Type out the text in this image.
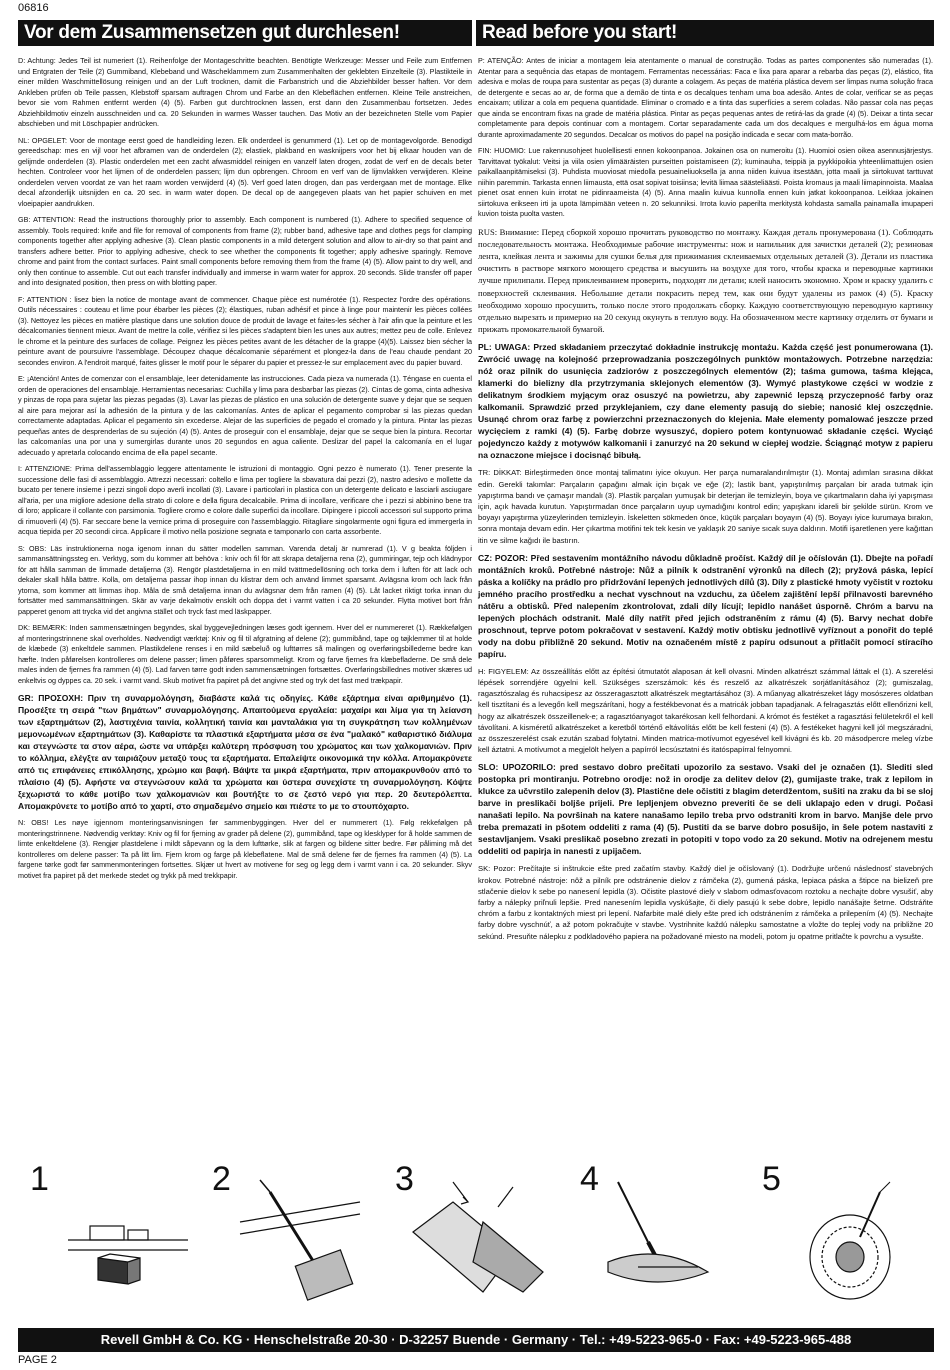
06816
Vor dem Zusammensetzen gut durchlesen!	Read before you start!

D: Achtung: Jedes Teil ist numeriert (1). Reihenfolge der Montageschritte beachten. Benötigte Werkzeuge: Messer und Feile zum Entfernen und Entgraten der Teile (2) Gummiband, Klebeband und Wäscheklammern zum Zusammenhalten der geklebten Einzelteile (3). Plastikteile in einer milden Waschmittellösung reinigen und an der Luft trocknen, damit die Farbanstrich und die Abziehbilder besser haften. Vor dem Ankleben prüfen ob Teile passen, Klebstoff sparsam auftragen Chrom und Farbe an den Klebeflächen entfernen. Kleine Teile anstreichen, bevor sie vom Rahmen entfernt werden (4) (5). Farben gut durchtrocknen lassen, erst dann den Zusammenbau fortsetzen. Jedes Abziehbildmotiv einzeln ausschneiden und ca. 20 Sekunden in warmes Wasser tauchen. Das Motiv an der bezeichneten Stelle vom Papier abschieben und mit Löschpapier andrücken.

NL: OPGELET: Voor de montage eerst goed de handleiding lezen. Elk onderdeel is genummerd (1). Let op de montagevolgorde. Benodigd gereedschap: mes en vijl voor het afbramen van de onderdelen (2); elastiek, plakband en wasknijpers voor het bij elkaar houden van de gelijmde onderdelen (3). Plastic onderdelen met een zacht afwasmiddel reinigen en vanzelf laten drogen, zodat de verf en de decals beter hechten. Controleer voor het lijmen of de onderdelen passen; lijm dun opbrengen. Chroom en verf van de lijmvlakken verwijderen. Kleine onderdelen verven voordat ze van het raam worden verwijderd (4) (5). Verf goed laten drogen, dan pas verdergaan met de montage. Elke decal afzonderlijk uitsnijden en ca. 20 sec. in warm water dopen. De decal op de aangegeven plaats van het papier schuiven en met vloeipapier aandrukken.

GB: ATTENTION: Read the instructions thoroughly prior to assembly. Each component is numbered (1). Adhere to specified sequence of assembly. Tools required: knife and file for removal of components from frame (2); rubber band, adhesive tape and clothes pegs for clamping components together after applying adhesive (3). Clean plastic components in a mild detergent solution and allow to air-dry so that paint and transfers adhere better. Prior to applying adhesive, check to see whether the components fit together; apply adhesive sparingly. Remove chrome and paint from the contact surfaces. Paint small components before removing them from the frame (4) (5). Allow paint to dry well, and only then continue to assemble. Cut out each transfer individually and immerse in warm water for approx. 20 seconds. Slide transfer off paper and into designated position, then press on with blotting paper.

F: ATTENTION : lisez bien la notice de montage avant de commencer. Chaque pièce est numérotée (1). Respectez l'ordre des opérations. Outils nécessaires : couteau et lime pour ébarber les pièces (2); élastiques, ruban adhésif et pince à linge pour maintenir les pièces collées (3). Nettoyez les pièces en matière plastique dans une solution douce de produit de lavage et faites-les sécher à l'air afin que la peinture et les décalcomanies tiennent mieux. Avant de mettre la colle, vérifiez si les pièces s'adaptent bien les unes aux autres; mettez peu de colle. Enlevez le chrome et la peinture des surfaces de collage. Peignez les pièces petites avant de les détacher de la grappe (4)(5). Laissez bien sécher la peinture avant de poursuivre l'assemblage. Découpez chaque décalcomanie séparément et plongez-la dans de l'eau chaude pendant 20 secondes environ. A l'endroit marqué, faites glisser le motif pour le séparer du papier et pressez-le sur emplacement avec du papier buvard.

E: ¡Atención! Antes de comenzar con el ensamblaje, leer detenidamente las instrucciones. Cada pieza va numerada (1). Téngase en cuenta el orden de operaciones del ensamblaje. Herramientas necesarias: Cuchilla y lima para desbarbar las piezas (2). Cintas de goma, cinta adhesiva y pinzas de ropa para sujetar las piezas pegadas (3). Lavar las piezas de plástico en una solución de detergente suave y dejar que se sequen al aire para mejorar así la adhesión de la pintura y de las calcomanías. Antes de aplicar el pegamento comprobar si las piezas quedan correctamente adaptadas. Aplicar el pegamento sin excederse. Alejar de las superficies de pegado el cromado y la pintura. Pintar las piezas pequeñas antes de desprenderlas de su sujeción (4) (5). Antes de proseguir con el ensamblaje, dejar que se seque bien la pintura. Recortar las calcomanías una por una y sumergirlas durante unos 20 segundos en agua caliente. Deslizar del papel la calcomanía en el lugar adecuado y apretarla colocando encima de ella papel secante.

I: ATTENZIONE: Prima dell'assemblaggio leggere attentamente le istruzioni di montaggio. Ogni pezzo è numerato (1). Tener presente la successione delle fasi di assemblaggio. Attrezzi necessari: coltello e lima per togliere la sbavatura dai pezzi (2), nastro adesivo e mollette da bucato per tenere insieme i pezzi singoli dopo averli incollati (3). Lavare i particolari in plastica con un detergente delicato e lasciarli asciugare all'aria, per una migliore adesione della strato di colore e della figura decalcabile. Prima di incollare, verificare che i pezzi si abbinino bene tra di loro; applicare il collante con parsimonia. Togliere cromo e colore dalle superfici da incollare. Dipingere i piccoli accessori sul supporto prima di rimuoverli (4) (5). Far seccare bene la vernice prima di proseguire con l'assemblaggio. Ritagliare singolarmente ogni figura ed immergerla in acqua tiepida per 20 secondi circa. Applicare il motivo nella posizione segnata e tamponarlo con carta assorbente.

S: OBS: Läs instruktionerna noga igenom innan du sätter modellen samman. Varenda detalj är numrerad (1). V g beakta följden i sammansättningssteg en. Verktyg, som du kommer att behöva : kniv och fil för att skrapa detaljerna rena (2), gummiringar, tejp och klädnypor för att hålla samman de limmade detaljerna (3). Rengör plastdetaljerna in en mild tvättmedellösning och torka dem i luften för att lack och dekaler skall hålla bättre. Kolla, om detaljerna passar ihop innan du klistrar dem och använd limmet sparsamt. Avlägsna krom och lack från ytorna, som kommer att limmas ihop. Måla de små detaljerna innan du avlägsnar dem från ramen (4) (5). Låt lacket riktigt torka innan du fortsätter med sammansättningen. Skär av varje dekalmotiv enskilt och doppa det i varmt vatten i ca 20 sekunder. Flytta motivet bort från papperet genom att trycka vid det angivna stället och tryck fast med läskpapper.

DK: BEMÆRK: Inden sammensætningen begyndes, skal byggevejledningen læses godt igennem. Hver del er nummereret (1). Rækkefølgen af monteringstrinnene skal overholdes. Nødvendigt værktøj: Kniv og fil til afgratning af delene (2); gummibånd, tape og tøjklemmer til at holde de klæbede (3) enkeltdele sammen. Plastikdelene renses i en mild sæbeluð og lufttørres så malingen og overføringsbillederne bedre kan hæfte. Inden påførelsen kontrolleres om delene passer; limen påføres sparsommeligt. Krom og farve fjernes fra klæbefladerne. De små dele males inden de fjernes fra rammen (4) (5). Lad farven tørre godt inden sammensætningen fortsættes. Overføringsbillednes motiver skæres ud enkeltvis og dyppes ca. 20 sek. i varmt vand. Skub motivet fra papiret på det angivne sted og tryk det fast med trækpapir.

GR: ΠΡΟΣΟΧΗ: Πριν τη συναρμολόγηση, διαβάστε καλά τις οδηγίες. Κάθε εξάρτημα είναι αριθμημένο (1). Προσέξτε τη σειρά "των βημάτων" συναρμολόγησης. Απαιτούμενα εργαλεία: μαχαίρι και λίμα για τη λείανση των εξαρτημάτων (2), λαστιχένια ταινία, κολλητική ταινία και μανταλάκια για τη συγκράτηση των κολλημένων μεμονωμένων εξαρτημάτων (3). Καθαρίστε τα πλαστικά εξαρτήματα μέσα σε ένα "μαλακό" καθαριστικό διάλυμα και στεγνώστε τα στον αέρα, ώστε να υπάρξει καλύτερη πρόσφυση του χρώματος και των χαλκομανιών. Πριν το κόλλημα, ελέγξτε αν ταιριάζουν μεταξύ τους τα εξαρτήματα. Επαλείψτε οικονομικά την κόλλα. Απομακρύνετε από τις επιφάνειες επικόλλησης, χρώμιο και βαφή. Βάψτε τα μικρά εξαρτήματα, πριν απομακρυνθούν από το πλαίσιο (4) (5). Αφήστε να στεγνώσουν καλά τα χρώματα και ύστερα συνεχίστε τη συναρμολόγηση. Κόψτε ξεχωριστά το κάθε μοτίβο των χαλκομανιών και βουτήξτε το σε ζεστό νερό για περ. 20 δευτερόλεπτα. Απομακρύνετε το μοτίβο από το χαρτί, στο σημαδεμένο σημείο και πιέστε το με το στουπόχαρτο.

N: OBS! Les nøye igjennom monteringsanvisningen før sammenbyggingen. Hver del er nummerert (1). Følg rekkefølgen på monteringstrinnene. Nødvendig verktøy: Kniv og fil for fjerning av grader på delene (2), gummibånd, tape og klesklyper for å holde sammen de limte enkeltdelene (3). Rengjør plastdelene i mildt såpevann og la dem lufttørke, slik at fargen og bildene sitter bedre. Før påliming må det kontrolleres om delene passer: Ta på litt lim. Fjern krom og farge på klebeflatene. Mal de små delene før de fjernes fra rammen (4) (5). La fargene tørke godt før sammenmonteringen fortsettes. Skjær ut hvert av motivene for seg og legg dem i varmt vann i ca. 20 sekunder. Skyv motivet fra papiret på det merkede stedet og trykk på med trekkpapir.

P: ATENÇÃO: Antes de iniciar a montagem leia atentamente o manual de construção. Todas as partes componentes são numeradas (1). Atentar para a sequência das etapas de montagem. Ferramentas necessárias: Faca e lixa para aparar a rebarba das peças (2), elástico, fita adesiva e molas de roupa para sustentar as peças (3) durante a colagem. As peças de matéria plástica devem ser limpas numa solução fraca de detergente e secas ao ar, de forma que a demão de tinta e os decalques tenham uma boa adesão. Antes de colar, verificar se as peças encaixam; utilizar a cola em pequena quantidade. Eliminar o cromado e a tinta das superfícies a serem coladas. Não passar cola nas peças que ainda se encontram fixas na grade de matéria plástica. Pintar as peças pequenas antes de retirá-las da grade (4) (5). Deixar a tinta secar completamente para depois continuar com a montagem. Cortar separadamente cada um dos decalques e mergulhá-los em água morna durante aproximadamente 20 segundos. Decalcar os motivos do papel na posição indicada e secar com mata-borrão.

FIN: HUOMIO: Lue rakennusohjeet huolellisesti ennen kokoonpanoa. Jokainen osa on numeroitu (1). Huomioi osien oikea asennusjärjestys. Tarvittavat työkalut: Veitsi ja viila osien ylimääräisten purseitten poistamiseen (2); kuminauha, teippiä ja pyykkipoikia yhteenliimattujen osien paikallaanpitämiseksi (3). Puhdista muoviosat miedolla pesuaineliuoksella ja anna niiden kuivua itsestään, jotta maali ja siirtokuvat tarttuvat niihin paremmin. Tarkasta ennen liimausta, että osat sopivat toisiinsa; levitä liimaa säästeliäästi. Poista kromaus ja maali liimapinnoista. Maalaa pienet osat ennen kuin irrotat ne pidinraameista (4) (5). Anna maalin kuivua kunnolla ennen kuin jatkat kokoonpanoa. Leikkaa jokainen siirtokuva erikseen irti ja upota lämpimään veteen n. 20 sekunniksi. Irrota kuvio paperilta merkitystä kohdasta samalla painamalla imupaperi kuvion toista puolta vasten.

RUS: Внимание: Перед сборкой хорошо прочитать руководство по монтажу. Каждая деталь пронумерована (1). Соблюдать последовательность монтажа. Необходимые рабочие инструменты: нож и напильник для зачистки деталей (2); резиновая лента, клейкая лента и зажимы для сушки белья для прижимания склеиваемых отдельных деталей (3). Детали из пластика очистить в растворе мягкого моющего средства и высушить на воздухе для того, чтобы краска и переводные картинки лучше прилипали. Перед приклеиванием проверить, подходят ли детали; клей наносить экономно. Хром и краску удалить с поверхностей склеивания. Небольшие детали покрасить перед тем, как они будут удалены из рамок (4) (5). Краску необходимо хорошо просушить, только после этого продолжать сборку. Каждую соответствующую переводную картинку отдельно вырезать и примерно на 20 секунд окунуть в теплую воду. На обозначенном месте картинку отделить от бумаги и прижать промокательной бумагой.

PL: UWAGA: Przed składaniem przeczytać dokładnie instrukcję montażu. Każda część jest ponumerowana (1). Zwrócić uwagę na kolejność przeprowadzania poszczególnych punktów montażowych. Potrzebne narzędzia: nóż oraz pilnik do usunięcia zadziorów z poszczególnych elementów (2); taśma gumowa, taśma klejąca, klamerki do bielizny dla przytrzymania sklejonych elementów (3). Wymyć plastykowe części w wodzie z delikatnym środkiem myjącym oraz osuszyć na powietrzu, aby zapewnić lepszą przyczepność farby oraz kalkomanii. Sprawdzić przed przyklejaniem, czy dane elementy pasują do siebie; nanosić klej oszczędnie. Usunąć chrom oraz farbę z powierzchni przeznaczonych do klejenia. Małe elementy pomalować jeszcze przed wycięciem z ramki (4) (5). Farbę dobrze wysuszyć, dopiero potem kontynuować składanie części. Wyciąć pojedynczo każdy z motywów kalkomanii i zanurzyć na 20 sekund w ciepłej wodzie. Ściągnąć motyw z papieru na oznaczone miejsce i docisnąć bibułą.

TR: DİKKAT: Birleştirmeden önce montaj talimatını iyice okuyun. Her parça numaralandırılmıştır (1). Montaj adımları sırasına dikkat edin. Gerekli takımlar: Parçaların çapağını almak için bıçak ve eğe (2); lastik bant, yapıştırılmış parçaları bir arada tutmak için yapıştırma bandı ve çamaşır mandalı (3). Plastik parçaları yumuşak bir deterjan ile temizleyin, boya ve çıkartmaların daha iyi yapışması için, açık havada kurutun. Yapıştırmadan önce parçaların uyup uymadığını kontrol edin; yapışkanı idareli bir şekilde sürün. Krom ve boyayı yapıştırma yüzeylerinden temizleyin. İskeletten sökmeden önce, küçük parçaları boyayın (4) (5). Boyayı iyice kurumaya bırakın, sonra montaja devam edin. Her çıkartma motifini tek tek kesin ve yaklaşık 20 saniye sıcak suya daldırın. Motifi işaretlenen yere kağıttan itin ve silme kağıdı ile bastırın.

CZ: POZOR: Před sestavením montážního návodu důkladně pročíst. Každý díl je očíslován (1). Dbejte na pořadí montážních kroků. Potřebné nástroje: Nůž a pilník k odstranění výronků na dílech (2); pryžová páska, lepící páska a kolíčky na prádlo pro přidržování lepených jednotlivých dílů (3). Díly z plastické hmoty vyčistit v roztoku jemného pracího prostředku a nechat vyschnout na vzduchu, za účelem zajištění lepší přilnavosti barevného nátěru a obtisků. Před nalepením zkontrolovat, zdali díly lícují; lepidlo nanášet úsporně. Chróm a barvu na lepených plochách odstranit. Malé díly natřít před jejich odstraněním z rámu (4) (5). Barvy nechat dobře proschnout, teprve potom pokračovat v sestavení. Každý motiv obtisku jednotlivě vyříznout a ponořit do teplé vody na dobu přibližně 20 sekund. Motiv na označeném místě z papíru odsunout a přitlačit pomocí stíracího papíru.

H: FIGYELEM: Az összeállítás előtt az építési útmutatót alaposan át kell olvasni. Minden alkatrészt számmal láttak el (1). A szerelési lépések sorrendjére ügyelni kell. Szükséges szerszámok: kés és reszelő az alkatrészek sorjátlanításához (2); gumiszalag, ragasztószalag és ruhacsipesz az összeragasztott alkatrészek megtartásához (3). A műanyag alkatrészeket lágy mosószeres oldatban kell tisztítani és a levegőn kell megszárítani, hogy a festékbevonat és a matricák jobban tapadjanak. A felragasztás előtt ellenőrizni kell, hogy az alkatrészek összeillenek-e; a ragasztóanyagot takarékosan kell felhordani. A krómot és festéket a ragasztási felületekről el kell távolítani. A kisméretű alkatrészeket a keretből történő eltávolítás előtt be kell festeni (4) (5). A festékeket hagyni kell jól megszáradni, az összeszerelést csak ezután szabad folytatni. Minden matrica-motívumot egyesével kell kivágni és kb. 20 másodpercre meleg vízbe kell áztatni. A motívumot a megjelölt helyen a papírról lecsúsztatni és itatóspapírral felnyomni.

SLO: UPOZORILO: pred sestavo dobro prečitati upozorilo za sestavo. Vsaki del je označen (1). Slediti sled postopka pri montiranju. Potrebno orodje: nož in orodje za delitev delov (2), gumijaste trake, trak z lepilom in klukce za učvrstilo zalepenih delov (3). Plastične dele očistiti z blagim deterdžentom, sušiti na zraku da bi se sloj barve in preslikači boljše prijeli. Pre lepljenjem obvezno preveriti če se deli uklapajo eden v drugi. Počasi nanašati lepilo. Na površinah na katere nanašamo lepilo treba prvo odstraniti krom in barvo. Manjše dele prvo treba premazati in pšotem oddeliti z rama (4) (5). Pustiti da se barve dobro posušijo, in šele potem nastaviti z sestavljanjem. Vsaki preslikač posebno zrezati in potopiti v topo vodo za 20 sekund. Motiv na odrejenem mestu oddeliti od papirja in nanesti z upijačem.

SK: Pozor: Prečítajte si inštrukcie ešte pred začatím stavby. Každý diel je očíslovaný (1). Dodržujte určenú následnosť stavebných krokov. Potrebné nástroje: nôž a pilník pre odstránenie dielov z rámčeka (2), gumená páska, lepiaca páska a štipce na bielizeň pre stlačenie dielov k sebe po nanesení lepidla (3). Očistite plastové diely v slabom odmasťovacom roztoku a nechajte dobre vysušiť, aby farby a nálepky priľnuli lepšie. Pred nanesením lepidla vyskúšajte, či diely pasujú k sebe dobre, lepidlo nanášajte šetrne. Odstráňte chróm a farbu z kontaktných miest pri lepení. Nafarbite malé diely ešte pred ich odstránením z rámčeka a prilepením (4) (5). Nechajte farby dobre vyschnúť, a až potom pokračujte v stavbe. Vystrihnite každú nálepku samostatne a vložte do teplej vody na približne 20 sekúnd. Presuňte nálepku z podkladového papiera na požadované miesto na modeli, potom ju opatrne pritlačte k povrchu a vysušte.

1	2	3	4	5
Revell GmbH & Co. KG · Henschelstraße 20-30 · D-32257 Buende · Germany · Tel.: +49-5223-965-0 · Fax: +49-5223-965-488
PAGE 2
